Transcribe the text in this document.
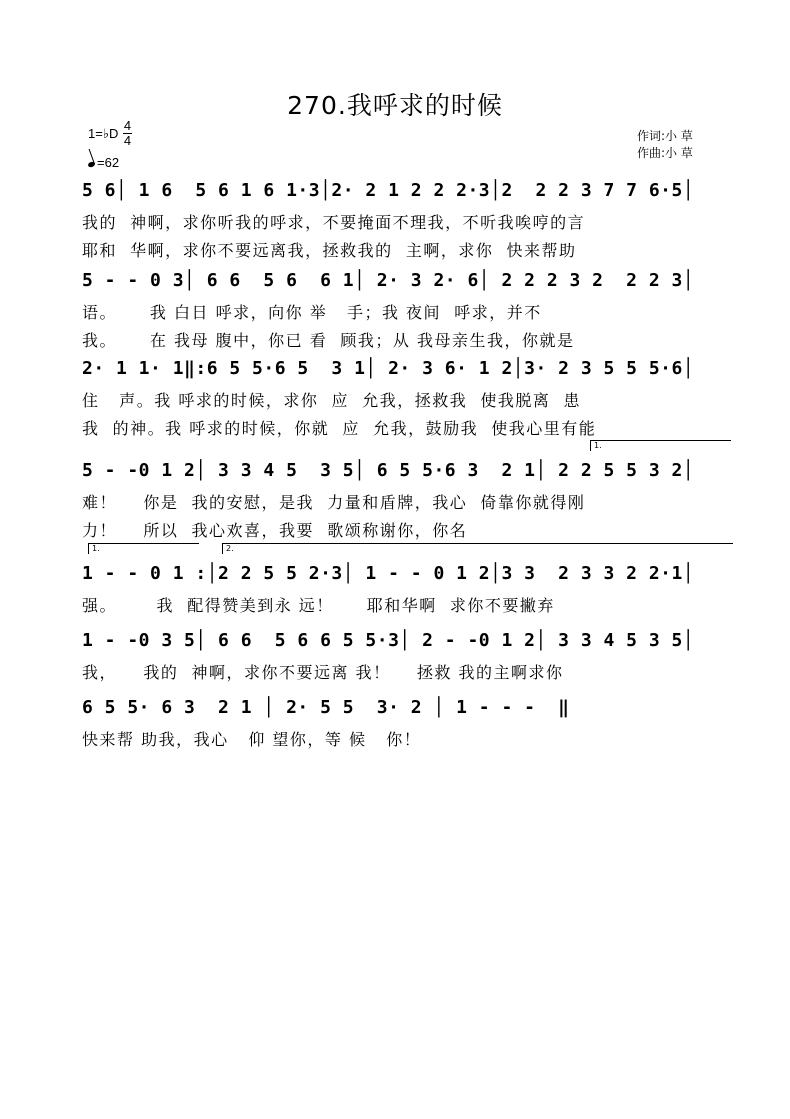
270.我呼求的时候
1=♭D
4
4
=62
作词:小 草
作曲:小 草
5 6│ 1 6  5 6 1 6 1·3│2· 2 1 2 2 2·3│2  2 2 3 7 7 6·5│
我的  神啊，求你听我的呼求，不要掩面不理我，不听我唉哼的言
耶和  华啊，求你不要远离我，拯救我的  主啊，求你  快来帮助
5 - - 0 3│ 6 6  5 6  6 1│ 2· 3 2· 6│ 2 2 2 3 2  2 2 3│
语。     我 白日 呼求，向你 举   手；我 夜间  呼求，并不
我。     在 我母 腹中，你已 看  顾我；从 我母亲生我，你就是
2· 1 1· 1‖:6 5 5·6 5  3 1│ 2· 3 6· 1 2│3· 2 3 5 5 5·6│
住   声。我 呼求的时候，求你  应  允我，拯救我  使我脱离  患
我  的神。我 呼求的时候，你就  应  允我，鼓励我  使我心里有能
1.
5 - -0 1 2│ 3 3 4 5  3 5│ 6 5 5·6 3  2 1│ 2 2 5 5 3 2│
难！    你是  我的安慰，是我  力量和盾牌，我心  倚靠你就得刚
力！    所以  我心欢喜，我要  歌颂称谢你，你名
1.	2.
1 - - 0 1 :│2 2 5 5 2·3│ 1 - - 0 1 2│3 3  2 3 3 2 2·1│
强。      我  配得赞美到永 远！     耶和华啊  求你不要撇弃
1 - -0 3 5│ 6 6  5 6 6 5 5·3│ 2 - -0 1 2│ 3 3 4 5 3 5│
我，    我的  神啊，求你不要远离 我！    拯救 我的主啊求你
6 5 5· 6 3  2 1 │ 2· 5 5  3· 2 │ 1 - - -  ‖
快来帮 助我，我心   仰 望你，等 候   你！
